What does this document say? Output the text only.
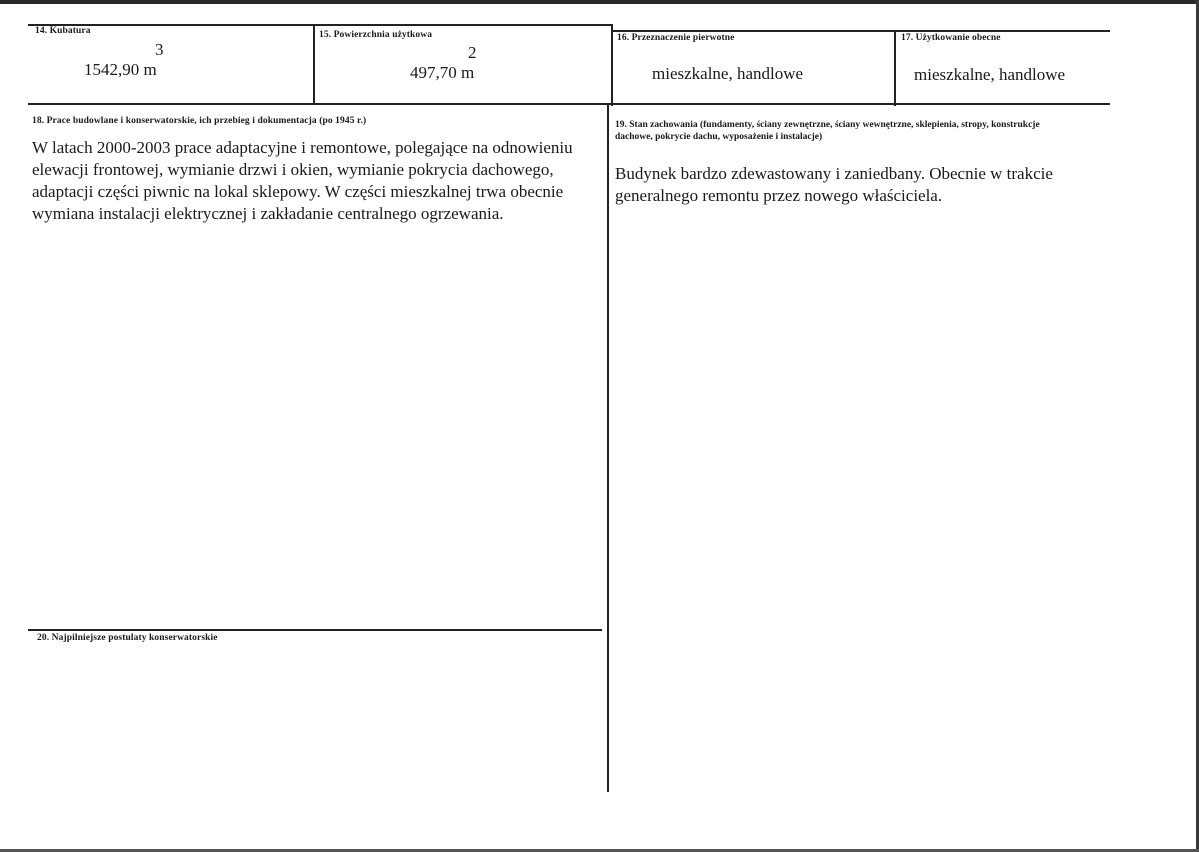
14. Kubatura
3
1542,90 m
15. Powierzchnia użytkowa
2
497,70 m
16. Przeznaczenie pierwotne
mieszkalne, handlowe
17. Użytkowanie obecne
mieszkalne, handlowe
18. Prace budowlane i konserwatorskie, ich przebieg i dokumentacja (po 1945 r.)
W latach 2000-2003 prace adaptacyjne i remontowe, polegające na odnowieniu
elewacji frontowej, wymianie drzwi i okien, wymianie pokrycia dachowego,
adaptacji części piwnic na lokal sklepowy. W części mieszkalnej trwa obecnie
wymiana instalacji elektrycznej i zakładanie centralnego ogrzewania.
19. Stan zachowania (fundamenty, ściany zewnętrzne, ściany wewnętrzne, sklepienia, stropy, konstrukcje
dachowe, pokrycie dachu, wyposażenie i instalacje)
Budynek bardzo zdewastowany i zaniedbany. Obecnie w trakcie
generalnego remontu przez nowego właściciela.
20. Najpilniejsze postulaty konserwatorskie
